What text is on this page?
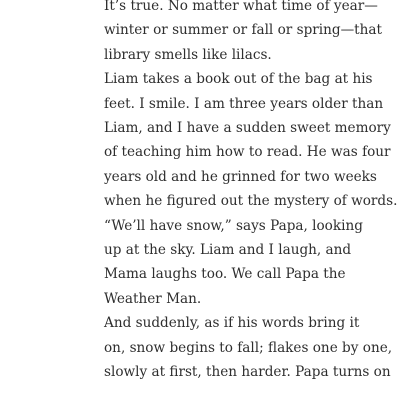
It’s true. No matter what time of year—
winter or summer or fall or spring—that
library smells like lilacs.

Liam takes a book out of the bag at his
feet. I smile. I am three years older than
Liam, and I have a sudden sweet memory
of teaching him how to read. He was four
years old and he grinned for two weeks
when he figured out the mystery of words.

“We’ll have snow,” says Papa, looking
up at the sky. Liam and I laugh, and
Mama laughs too. We call Papa the
Weather Man.

And suddenly, as if his words bring it
on, snow begins to fall; flakes one by one,
slowly at first, then harder. Papa turns on
